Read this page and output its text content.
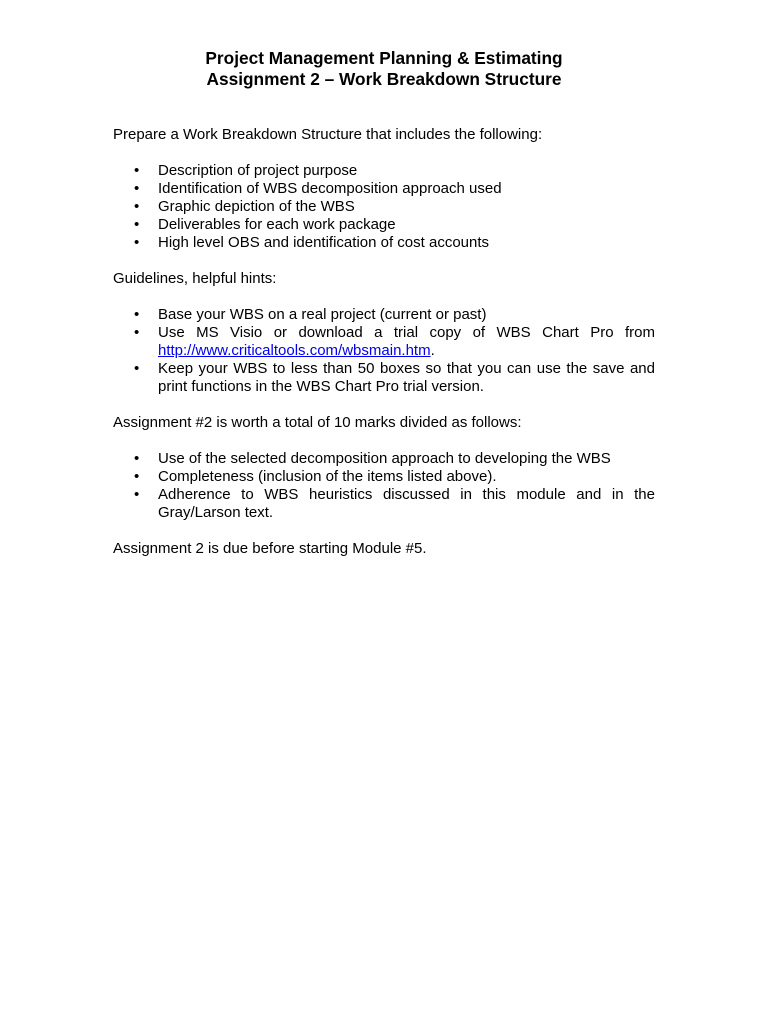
Project Management Planning & Estimating
Assignment 2 – Work Breakdown Structure

Prepare a Work Breakdown Structure that includes the following:

•	Description of project purpose
•	Identification of WBS decomposition approach used
•	Graphic depiction of the WBS
•	Deliverables for each work package
•	High level OBS and identification of cost accounts

Guidelines, helpful hints:

•	Base your WBS on a real project (current or past)
•	Use MS Visio or download a trial copy of WBS Chart Pro from http://www.criticaltools.com/wbsmain.htm.
•	Keep your WBS to less than 50 boxes so that you can use the save and print functions in the WBS Chart Pro trial version.

Assignment #2 is worth a total of 10 marks divided as follows:

•	Use of the selected decomposition approach to developing the WBS
•	Completeness (inclusion of the items listed above).
•	Adherence to WBS heuristics discussed in this module and in the Gray/Larson text.

Assignment 2 is due before starting Module #5.
